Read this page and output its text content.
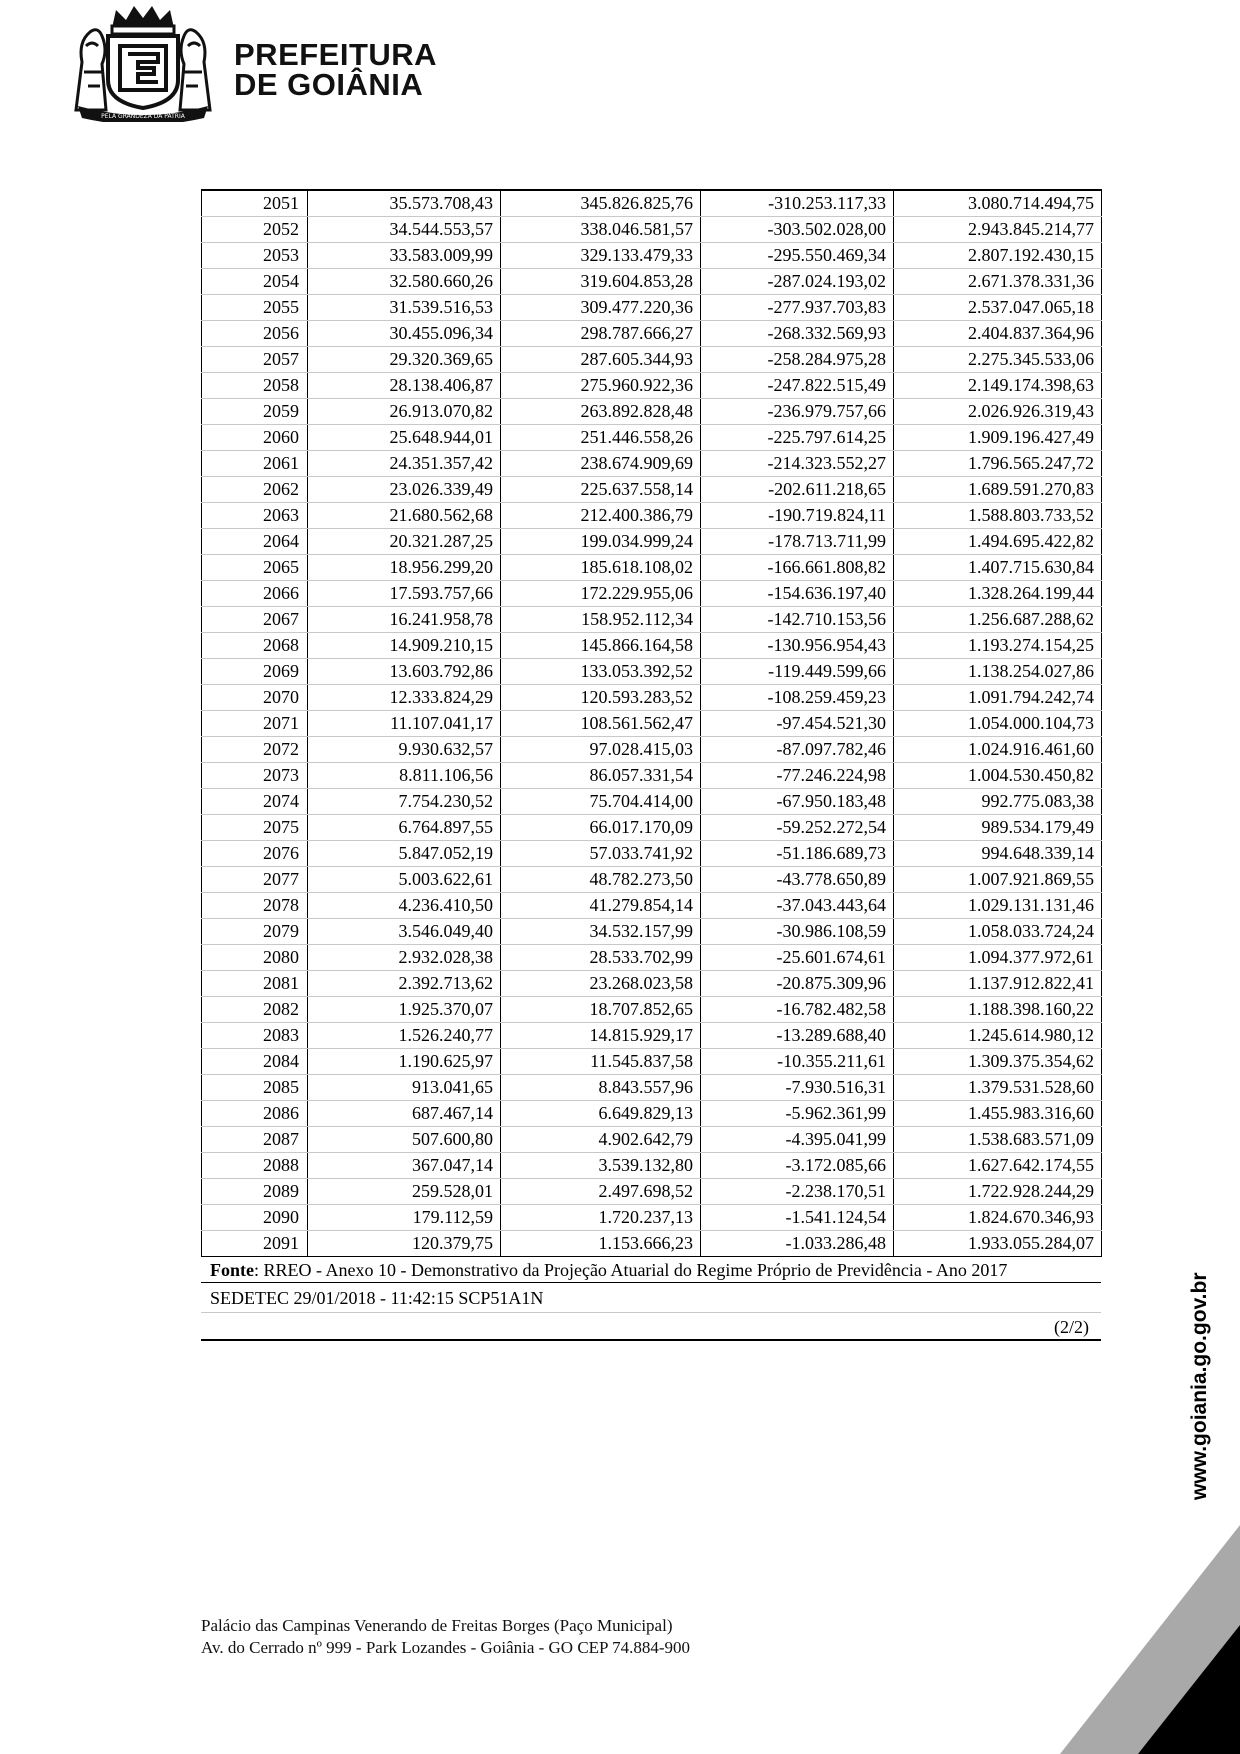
PELA GRANDEZA DA PÁTRIA
PREFEITURA
DE GOIÂNIA
2051	35.573.708,43	345.826.825,76	-310.253.117,33	3.080.714.494,75
2052	34.544.553,57	338.046.581,57	-303.502.028,00	2.943.845.214,77
2053	33.583.009,99	329.133.479,33	-295.550.469,34	2.807.192.430,15
2054	32.580.660,26	319.604.853,28	-287.024.193,02	2.671.378.331,36
2055	31.539.516,53	309.477.220,36	-277.937.703,83	2.537.047.065,18
2056	30.455.096,34	298.787.666,27	-268.332.569,93	2.404.837.364,96
2057	29.320.369,65	287.605.344,93	-258.284.975,28	2.275.345.533,06
2058	28.138.406,87	275.960.922,36	-247.822.515,49	2.149.174.398,63
2059	26.913.070,82	263.892.828,48	-236.979.757,66	2.026.926.319,43
2060	25.648.944,01	251.446.558,26	-225.797.614,25	1.909.196.427,49
2061	24.351.357,42	238.674.909,69	-214.323.552,27	1.796.565.247,72
2062	23.026.339,49	225.637.558,14	-202.611.218,65	1.689.591.270,83
2063	21.680.562,68	212.400.386,79	-190.719.824,11	1.588.803.733,52
2064	20.321.287,25	199.034.999,24	-178.713.711,99	1.494.695.422,82
2065	18.956.299,20	185.618.108,02	-166.661.808,82	1.407.715.630,84
2066	17.593.757,66	172.229.955,06	-154.636.197,40	1.328.264.199,44
2067	16.241.958,78	158.952.112,34	-142.710.153,56	1.256.687.288,62
2068	14.909.210,15	145.866.164,58	-130.956.954,43	1.193.274.154,25
2069	13.603.792,86	133.053.392,52	-119.449.599,66	1.138.254.027,86
2070	12.333.824,29	120.593.283,52	-108.259.459,23	1.091.794.242,74
2071	11.107.041,17	108.561.562,47	-97.454.521,30	1.054.000.104,73
2072	9.930.632,57	97.028.415,03	-87.097.782,46	1.024.916.461,60
2073	8.811.106,56	86.057.331,54	-77.246.224,98	1.004.530.450,82
2074	7.754.230,52	75.704.414,00	-67.950.183,48	992.775.083,38
2075	6.764.897,55	66.017.170,09	-59.252.272,54	989.534.179,49
2076	5.847.052,19	57.033.741,92	-51.186.689,73	994.648.339,14
2077	5.003.622,61	48.782.273,50	-43.778.650,89	1.007.921.869,55
2078	4.236.410,50	41.279.854,14	-37.043.443,64	1.029.131.131,46
2079	3.546.049,40	34.532.157,99	-30.986.108,59	1.058.033.724,24
2080	2.932.028,38	28.533.702,99	-25.601.674,61	1.094.377.972,61
2081	2.392.713,62	23.268.023,58	-20.875.309,96	1.137.912.822,41
2082	1.925.370,07	18.707.852,65	-16.782.482,58	1.188.398.160,22
2083	1.526.240,77	14.815.929,17	-13.289.688,40	1.245.614.980,12
2084	1.190.625,97	11.545.837,58	-10.355.211,61	1.309.375.354,62
2085	913.041,65	8.843.557,96	-7.930.516,31	1.379.531.528,60
2086	687.467,14	6.649.829,13	-5.962.361,99	1.455.983.316,60
2087	507.600,80	4.902.642,79	-4.395.041,99	1.538.683.571,09
2088	367.047,14	3.539.132,80	-3.172.085,66	1.627.642.174,55
2089	259.528,01	2.497.698,52	-2.238.170,51	1.722.928.244,29
2090	179.112,59	1.720.237,13	-1.541.124,54	1.824.670.346,93
2091	120.379,75	1.153.666,23	-1.033.286,48	1.933.055.284,07
Fonte: RREO - Anexo 10 - Demonstrativo da Projeção Atuarial do Regime Próprio de Previdência - Ano 2017
SEDETEC 29/01/2018 - 11:42:15 SCP51A1N
(2/2)	www.goiania.go.gov.br
Palácio das Campinas Venerando de Freitas Borges (Paço Municipal)
Av. do Cerrado nº 999 - Park Lozandes - Goiânia - GO CEP 74.884-900
